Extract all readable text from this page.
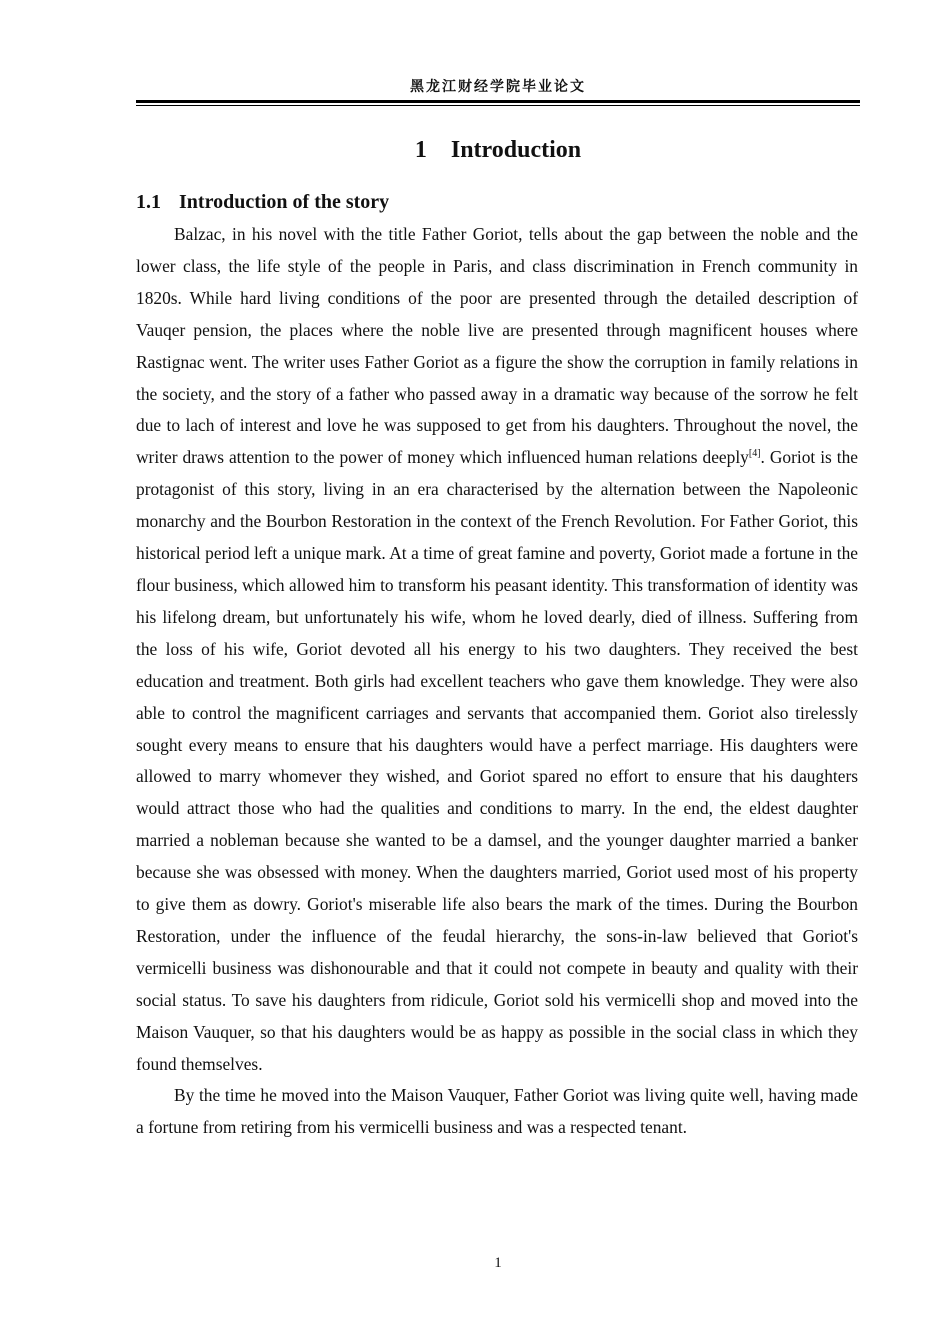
黑龙江财经学院毕业论文
1 Introduction
1.1 Introduction of the story

Balzac, in his novel with the title Father Goriot, tells about the gap between the noble and the lower class, the life style of the people in Paris, and class discrimination in French community in 1820s. While hard living conditions of the poor are presented through the detailed description of Vauqer pension, the places where the noble live are presented through magnificent houses where Rastignac went. The writer uses Father Goriot as a figure the show the corruption in family relations in the society, and the story of a father who passed away in a dramatic way because of the sorrow he felt due to lach of interest and love he was supposed to get from his daughters. Throughout the novel, the writer draws attention to the power of money which influenced human relations deeply[4]. Goriot is the protagonist of this story, living in an era characterised by the alternation between the Napoleonic monarchy and the Bourbon Restoration in the context of the French Revolution. For Father Goriot, this historical period left a unique mark. At a time of great famine and poverty, Goriot made a fortune in the flour business, which allowed him to transform his peasant identity. This transformation of identity was his lifelong dream, but unfortunately his wife, whom he loved dearly, died of illness. Suffering from the loss of his wife, Goriot devoted all his energy to his two daughters. They received the best education and treatment. Both girls had excellent teachers who gave them knowledge. They were also able to control the magnificent carriages and servants that accompanied them. Goriot also tirelessly sought every means to ensure that his daughters would have a perfect marriage. His daughters were allowed to marry whomever they wished, and Goriot spared no effort to ensure that his daughters would attract those who had the qualities and conditions to marry. In the end, the eldest daughter married a nobleman because she wanted to be a damsel, and the younger daughter married a banker because she was obsessed with money. When the daughters married, Goriot used most of his property to give them as dowry. Goriot's miserable life also bears the mark of the times. During the Bourbon Restoration, under the influence of the feudal hierarchy, the sons-in-law believed that Goriot's vermicelli business was dishonourable and that it could not compete in beauty and quality with their social status. To save his daughters from ridicule, Goriot sold his vermicelli shop and moved into the Maison Vauquer, so that his daughters would be as happy as possible in the social class in which they found themselves.

By the time he moved into the Maison Vauquer, Father Goriot was living quite well, having made a fortune from retiring from his vermicelli business and was a respected tenant.

1
